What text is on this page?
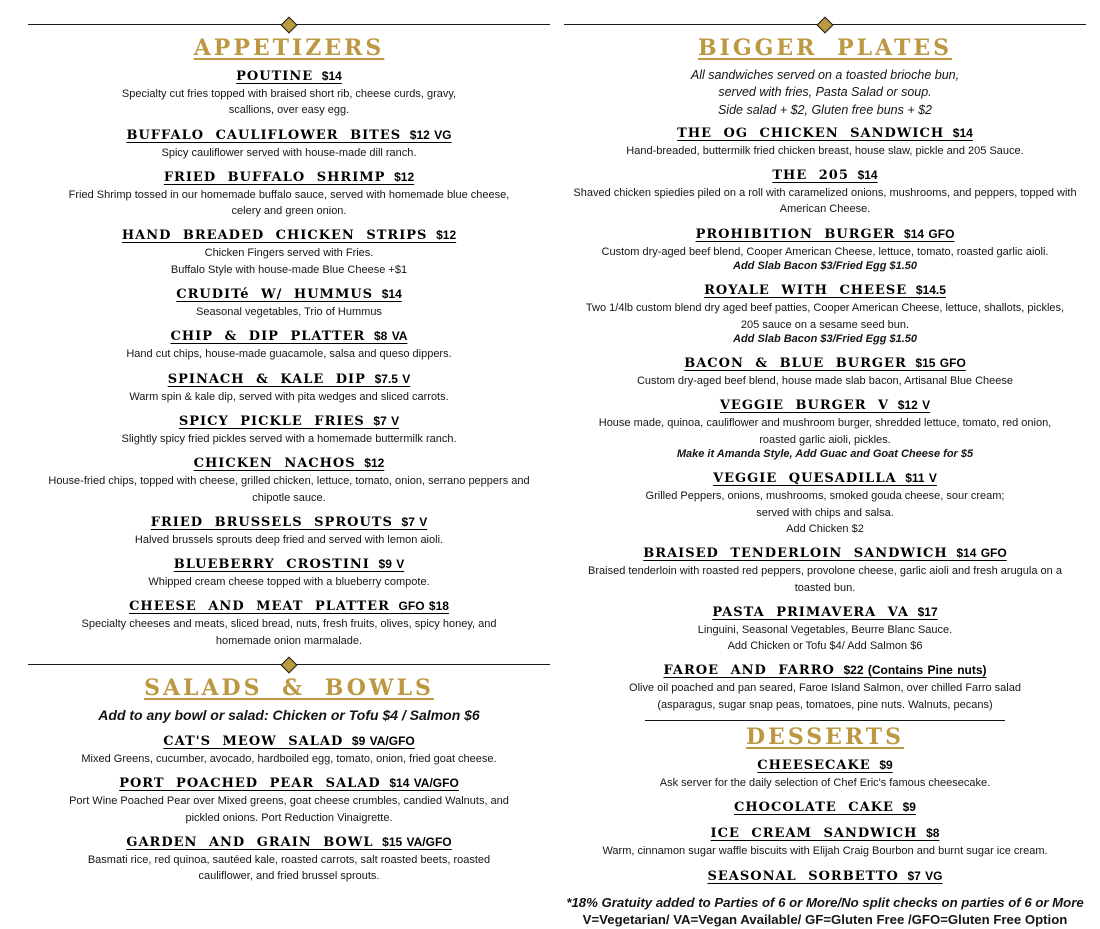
APPETIZERS
POUTINE  $14
Specialty cut fries topped with braised short rib, cheese curds, gravy,
scallions, over easy egg.
BUFFALO CAULIFLOWER BITES  $12 VG
Spicy cauliflower served with house-made dill ranch.
FRIED BUFFALO SHRIMP  $12
Fried Shrimp tossed in our homemade buffalo sauce, served with homemade blue cheese,
celery and green onion.
HAND BREADED CHICKEN STRIPS  $12
Chicken Fingers served with Fries.
Buffalo Style with house-made Blue Cheese +$1
CRUDITé W/ HUMMUS  $14
Seasonal vegetables, Trio of Hummus
CHIP & DIP PLATTER  $8 VA
Hand cut chips, house-made guacamole, salsa and queso dippers.
SPINACH & KALE DIP  $7.5 V
Warm spin & kale dip, served with pita wedges and sliced carrots.
SPICY PICKLE FRIES  $7 V
Slightly spicy fried pickles served with a homemade buttermilk ranch.
CHICKEN NACHOS  $12
House-fried chips, topped with cheese, grilled chicken, lettuce, tomato, onion, serrano peppers and
chipotle sauce.
FRIED BRUSSELS SPROUTS  $7 V
Halved brussels sprouts deep fried and served with lemon aioli.
BLUEBERRY CROSTINI  $9 V
Whipped cream cheese topped with a blueberry compote.
CHEESE AND MEAT PLATTER  GFO $18
Specialty cheeses and meats, sliced bread, nuts, fresh fruits, olives, spicy honey, and
homemade onion marmalade.
SALADS & BOWLS
Add to any bowl or salad: Chicken or Tofu $4 / Salmon $6
CAT'S MEOW SALAD  $9 VA/GFO
Mixed Greens, cucumber, avocado, hardboiled egg, tomato, onion, fried goat cheese.
PORT POACHED PEAR SALAD  $14 VA/GFO
Port Wine Poached Pear over Mixed greens, goat cheese crumbles, candied Walnuts, and
pickled onions. Port Reduction Vinaigrette.
GARDEN AND GRAIN BOWL  $15 VA/GFO
Basmati rice, red quinoa, sautéed kale, roasted carrots, salt roasted beets, roasted
cauliflower, and fried brussel sprouts.
BIGGER PLATES
All sandwiches served on a toasted brioche bun,
served with fries, Pasta Salad or soup.
Side salad + $2, Gluten free buns + $2
THE OG CHICKEN SANDWICH  $14
Hand-breaded, buttermilk fried chicken breast, house slaw, pickle and 205 Sauce.
THE 205  $14
Shaved chicken spiedies piled on a roll with caramelized onions, mushrooms, and peppers, topped with
American Cheese.
PROHIBITION BURGER  $14 GFO
Custom dry-aged beef blend, Cooper American Cheese, lettuce, tomato, roasted garlic aioli.
Add Slab Bacon $3/Fried Egg $1.50
ROYALE WITH CHEESE  $14.5
Two 1/4lb custom blend dry aged beef patties, Cooper American Cheese, lettuce, shallots, pickles,
205 sauce on a sesame seed bun.
Add Slab Bacon $3/Fried Egg $1.50
BACON & BLUE BURGER  $15 GFO
Custom dry-aged beef blend, house made slab bacon, Artisanal Blue Cheese
VEGGIE BURGER V  $12 V
House made, quinoa, cauliflower and mushroom burger, shredded lettuce, tomato, red onion,
roasted garlic aioli, pickles.
Make it Amanda Style, Add Guac and Goat Cheese for $5
VEGGIE QUESADILLA  $11 V
Grilled Peppers, onions, mushrooms, smoked gouda cheese, sour cream;
served with chips and salsa.
Add Chicken $2
BRAISED TENDERLOIN SANDWICH  $14 GFO
Braised tenderloin with roasted red peppers, provolone cheese, garlic aioli and fresh arugula on a
toasted bun.
PASTA PRIMAVERA VA  $17
Linguini, Seasonal Vegetables, Beurre Blanc Sauce.
Add Chicken or Tofu $4/ Add Salmon $6
FAROE AND FARRO  $22 (Contains Pine nuts)
Olive oil poached and pan seared, Faroe Island Salmon, over chilled Farro salad
(asparagus, sugar snap peas, tomatoes, pine nuts. Walnuts, pecans)
DESSERTS
CHEESECAKE  $9
Ask server for the daily selection of Chef Eric's famous cheesecake.
CHOCOLATE CAKE  $9
ICE CREAM SANDWICH  $8
Warm, cinnamon sugar waffle biscuits with Elijah Craig Bourbon and burnt sugar ice cream.
SEASONAL SORBETTO  $7 VG
*18% Gratuity added to Parties of 6 or More/No split checks on parties of 6 or More
V=Vegetarian/ VA=Vegan Available/ GF=Gluten Free /GFO=Gluten Free Option
